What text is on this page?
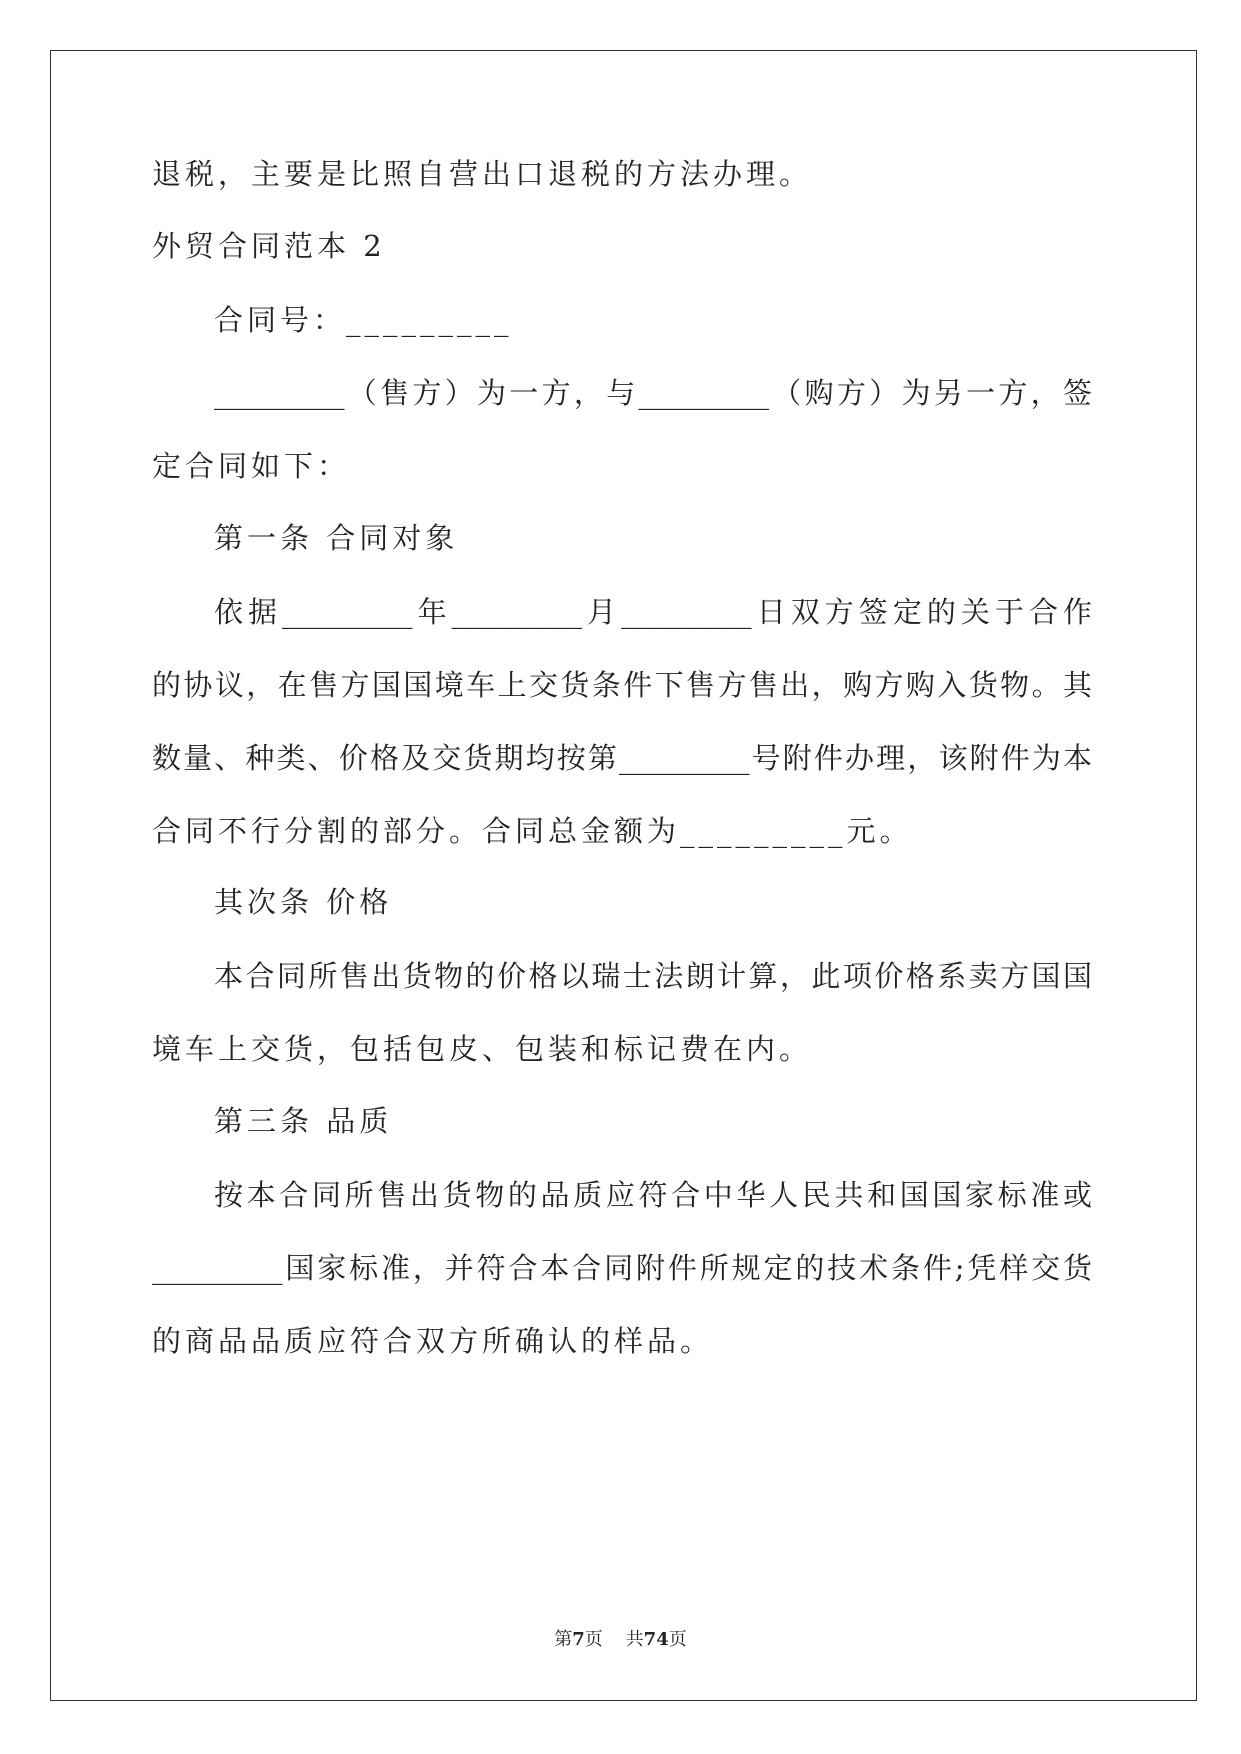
退税，主要是比照自营出口退税的方法办理。
外贸合同范本 2
合同号：_________
_________（售方）为一方，与_________（购方）为另一方，签
定合同如下：
第一条 合同对象
依据_________年_________月_________日双方签定的关于合作
的协议，在售方国国境车上交货条件下售方售出，购方购入货物。其
数量、种类、价格及交货期均按第_________号附件办理，该附件为本
合同不行分割的部分。合同总金额为_________元。
其次条 价格
本合同所售出货物的价格以瑞士法朗计算，此项价格系卖方国国
境车上交货，包括包皮、包装和标记费在内。
第三条 品质
按本合同所售出货物的品质应符合中华人民共和国国家标准或
_________国家标准，并符合本合同附件所规定的技术条件;凭样交货
的商品品质应符合双方所确认的样品。
第7页    共74页
